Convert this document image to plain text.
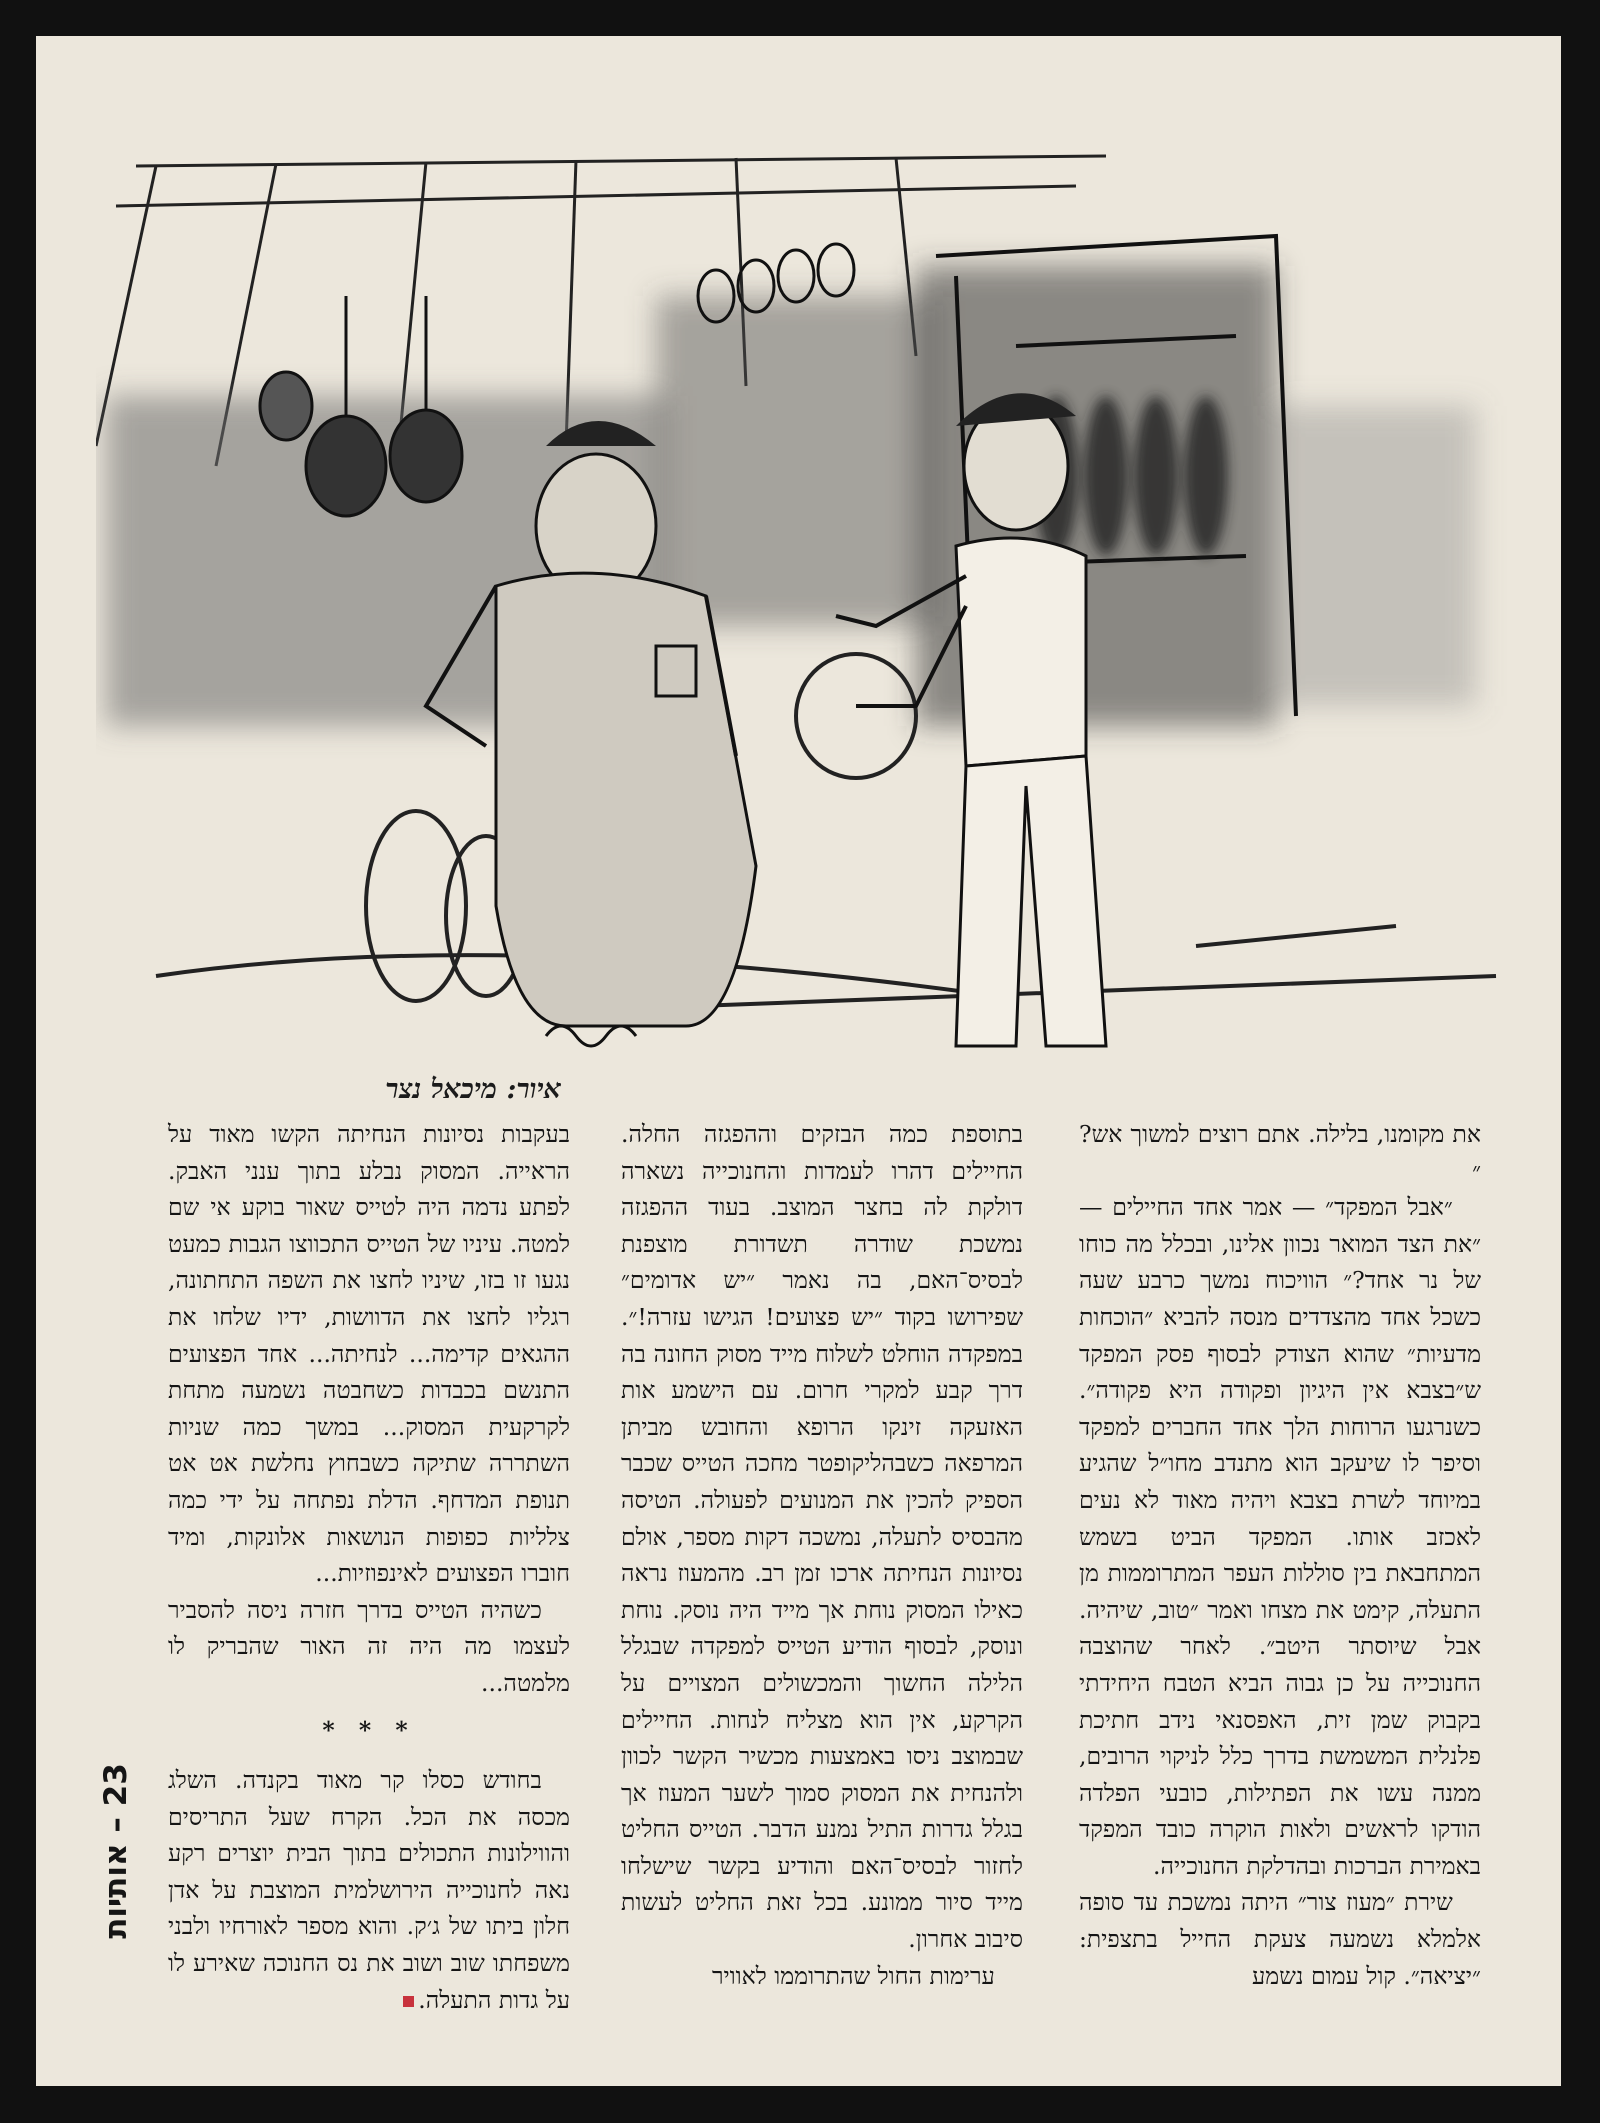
איור: מיכאל נצר

את מקומנו, בלילה. אתם רוצים למשוך אש?״

״אבל המפקד״ — אמר אחד החיילים — ״את הצד המואר נכוון אלינו, ובכלל מה כוחו של נר אחד?״ הוויכוח נמשך כרבע שעה כשכל אחד מהצדדים מנסה להביא ״הוכחות מדעיות״ שהוא הצודק לבסוף פסק המפקד ש״בצבא אין היגיון ופקודה היא פקודה״. כשנרגעו הרוחות הלך אחד החברים למפקד וסיפר לו שיעקב הוא מתנדב מחו״ל שהגיע במיוחד לשרת בצבא ויהיה מאוד לא נעים לאכזב אותו. המפקד הביט בשמש המתחבאת בין סוללות העפר המתרוממות מן התעלה, קימט את מצחו ואמר ״טוב, שיהיה. אבל שיוסתר היטב״. לאחר שהוצבה החנוכייה על כן גבוה הביא הטבח היחידתי בקבוק שמן זית, האפסנאי נידב חתיכת פלנלית המשמשת בדרך כלל לניקוי הרובים, ממנה עשו את הפתילות, כובעי הפלדה הודקו לראשים ולאות הוקרה כובד המפקד באמירת הברכות ובהדלקת החנוכייה.

שירת ״מעוז צור״ היתה נמשכת עד סופה אלמלא נשמעה צעקת החייל בתצפית: ״יציאה״. קול עמום נשמע

בתוספת כמה הבזקים וההפגזה החלה. החיילים דהרו לעמדות והחנוכייה נשארה דולקת לה בחצר המוצב. בעוד ההפגזה נמשכת שודרה תשדורת מוצפנת לבסיס־האם, בה נאמר ״יש אדומים״ שפירושו בקוד ״יש פצועים! הגישו עזרה!״. במפקדה הוחלט לשלוח מייד מסוק החונה בה דרך קבע למקרי חרום. עם הישמע אות האזעקה זינקו הרופא והחובש מביתן המרפאה כשבהליקופטר מחכה הטייס שכבר הספיק להכין את המנועים לפעולה. הטיסה מהבסיס לתעלה, נמשכה דקות מספר, אולם נסיונות הנחיתה ארכו זמן רב. מהמעוז נראה כאילו המסוק נוחת אך מייד היה נוסק. נוחת ונוסק, לבסוף הודיע הטייס למפקדה שבגלל הלילה החשוך והמכשולים המצויים על הקרקע, אין הוא מצליח לנחות. החיילים שבמוצב ניסו באמצעות מכשיר הקשר לכוון ולהנחית את המסוק סמוך לשער המעוז אך בגלל גדרות התיל נמנע הדבר. הטייס החליט לחזור לבסיס־האם והודיע בקשר שישלחו מייד סיור ממונע. בכל זאת החליט לעשות סיבוב אחרון.

ערימות החול שהתרוממו לאוויר

בעקבות נסיונות הנחיתה הקשו מאוד על הראייה. המסוק נבלע בתוך ענני האבק. לפתע נדמה היה לטייס שאור בוקע אי שם למטה. עיניו של הטייס התכווצו הגבות כמעט נגעו זו בזו, שיניו לחצו את השפה התחתונה, רגליו לחצו את הדוושות, ידיו שלחו את ההגאים קדימה... לנחיתה... אחד הפצועים התנשם בכבדות כשחבטה נשמעה מתחת לקרקעית המסוק... במשך כמה שניות השתררה שתיקה כשבחוץ נחלשת אט אט תנופת המדחף. הדלת נפתחה על ידי כמה צלליות כפופות הנושאות אלונקות, ומיד חוברו הפצועים לאינפוזיות...

כשהיה הטייס בדרך חזרה ניסה להסביר לעצמו מה היה זה האור שהבריק לו מלמטה...

* * *

בחודש כסלו קר מאוד בקנדה. השלג מכסה את הכל. הקרח שעל התריסים והווילונות התכולים בתוך הבית יוצרים רקע נאה לחנוכייה הירושלמית המוצבת על אדן חלון ביתו של ג׳ק. והוא מספר לאורחיו ולבני משפחתו שוב ושוב את נס החנוכה שאירע לו על גדות התעלה.

23 – אותיות
